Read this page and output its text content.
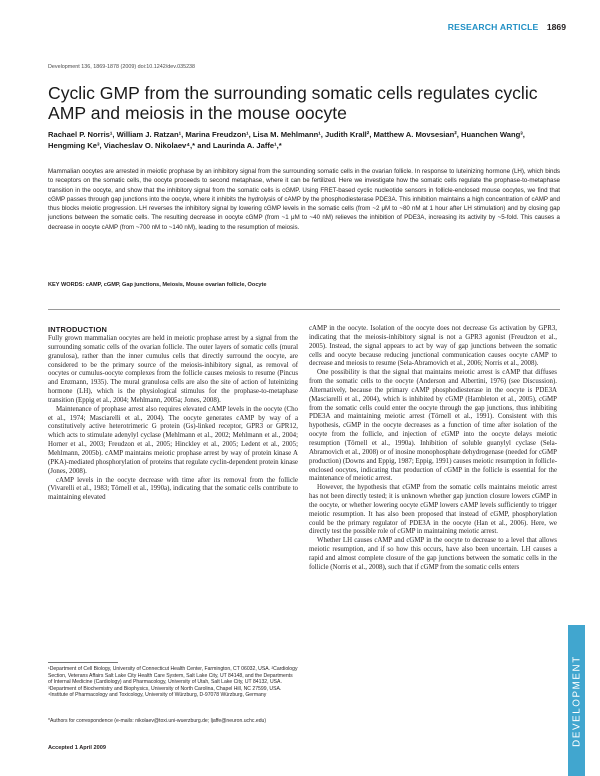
RESEARCH ARTICLE 1869
Development 136, 1869-1878 (2009) doi:10.1242/dev.035238
Cyclic GMP from the surrounding somatic cells regulates cyclic AMP and meiosis in the mouse oocyte
Rachael P. Norris¹, William J. Ratzan¹, Marina Freudzon¹, Lisa M. Mehlmann¹, Judith Krall², Matthew A. Movsesian², Huanchen Wang³, Hengming Ke³, Viacheslav O. Nikolaev⁴,* and Laurinda A. Jaffe¹,*
Mammalian oocytes are arrested in meiotic prophase by an inhibitory signal from the surrounding somatic cells in the ovarian follicle. In response to luteinizing hormone (LH), which binds to receptors on the somatic cells, the oocyte proceeds to second metaphase, where it can be fertilized. Here we investigate how the somatic cells regulate the prophase-to-metaphase transition in the oocyte, and show that the inhibitory signal from the somatic cells is cGMP. Using FRET-based cyclic nucleotide sensors in follicle-enclosed mouse oocytes, we find that cGMP passes through gap junctions into the oocyte, where it inhibits the hydrolysis of cAMP by the phosphodiesterase PDE3A. This inhibition maintains a high concentration of cAMP and thus blocks meiotic progression. LH reverses the inhibitory signal by lowering cGMP levels in the somatic cells (from ~2 μM to ~80 nM at 1 hour after LH stimulation) and by closing gap junctions between the somatic cells. The resulting decrease in oocyte cGMP (from ~1 μM to ~40 nM) relieves the inhibition of PDE3A, increasing its activity by ~5-fold. This causes a decrease in oocyte cAMP (from ~700 nM to ~140 nM), leading to the resumption of meiosis.
KEY WORDS: cAMP, cGMP, Gap junctions, Meiosis, Mouse ovarian follicle, Oocyte
INTRODUCTION

Fully grown mammalian oocytes are held in meiotic prophase arrest by a signal from the surrounding somatic cells of the ovarian follicle. The outer layers of somatic cells (mural granulosa), rather than the inner cumulus cells that directly surround the oocyte, are considered to be the primary source of the meiosis-inhibitory signal, as removal of oocytes or cumulus-oocyte complexes from the follicle causes meiosis to resume (Pincus and Enzmann, 1935). The mural granulosa cells are also the site of action of luteinizing hormone (LH), which is the physiological stimulus for the prophase-to-metaphase transition (Eppig et al., 2004; Mehlmann, 2005a; Jones, 2008).

Maintenance of prophase arrest also requires elevated cAMP levels in the oocyte (Cho et al., 1974; Masciarelli et al., 2004). The oocyte generates cAMP by way of a constitutively active heterotrimeric G protein (Gs)-linked receptor, GPR3 or GPR12, which acts to stimulate adenylyl cyclase (Mehlmann et al., 2002; Mehlmann et al., 2004; Horner et al., 2003; Freudzon et al., 2005; Hinckley et al., 2005; Ledent et al., 2005; Mehlmann, 2005b). cAMP maintains meiotic prophase arrest by way of protein kinase A (PKA)-mediated phosphorylation of proteins that regulate cyclin-dependent protein kinase (Jones, 2008).

cAMP levels in the oocyte decrease with time after its removal from the follicle (Vivarelli et al., 1983; Törnell et al., 1990a), indicating that the somatic cells contribute to maintaining elevated

cAMP in the oocyte. Isolation of the oocyte does not decrease Gs activation by GPR3, indicating that the meiosis-inhibitory signal is not a GPR3 agonist (Freudzon et al., 2005). Instead, the signal appears to act by way of gap junctions between the somatic cells and oocyte because reducing junctional communication causes oocyte cAMP to decrease and meiosis to resume (Sela-Abramovich et al., 2006; Norris et al., 2008).

One possibility is that the signal that maintains meiotic arrest is cAMP that diffuses from the somatic cells to the oocyte (Anderson and Albertini, 1976) (see Discussion). Alternatively, because the primary cAMP phosphodiesterase in the oocyte is PDE3A (Masciarelli et al., 2004), which is inhibited by cGMP (Hambleton et al., 2005), cGMP from the somatic cells could enter the oocyte through the gap junctions, thus inhibiting PDE3A and maintaining meiotic arrest (Törnell et al., 1991). Consistent with this hypothesis, cGMP in the oocyte decreases as a function of time after isolation of the oocyte from the follicle, and injection of cGMP into the oocyte delays meiotic resumption (Törnell et al., 1990a). Inhibition of soluble guanylyl cyclase (Sela-Abramovich et al., 2008) or of inosine monophosphate dehydrogenase (needed for cGMP production) (Downs and Eppig, 1987; Eppig, 1991) causes meiotic resumption in follicle-enclosed oocytes, indicating that production of cGMP in the follicle is essential for the maintenance of meiotic arrest.

However, the hypothesis that cGMP from the somatic cells maintains meiotic arrest has not been directly tested; it is unknown whether gap junction closure lowers cGMP in the oocyte, or whether lowering oocyte cGMP lowers cAMP levels sufficiently to trigger meiotic resumption. It has also been proposed that instead of cGMP, phosphorylation could be the primary regulator of PDE3A in the oocyte (Han et al., 2006). Here, we directly test the possible role of cGMP in maintaining meiotic arrest.

Whether LH causes cAMP and cGMP in the oocyte to decrease to a level that allows meiotic resumption, and if so how this occurs, have also been uncertain. LH causes a rapid and almost complete closure of the gap junctions between the somatic cells in the follicle (Norris et al., 2008), such that if cGMP from the somatic cells enters

¹Department of Cell Biology, University of Connecticut Health Center, Farmington, CT 06032, USA. ²Cardiology Section, Veterans Affairs Salt Lake City Health Care System, Salt Lake City, UT 84148, and the Departments of Internal Medicine (Cardiology) and Pharmacology, University of Utah, Salt Lake City, UT 84132, USA. ³Department of Biochemistry and Biophysics, University of North Carolina, Chapel Hill, NC 27599, USA. ⁴Institute of Pharmacology and Toxicology, University of Würzburg, D-97078 Würzburg, Germany

*Authors for correspondence (e-mails: nikolaev@toxi.uni-wuerzburg.de; ljaffe@neuron.uchc.edu)
Accepted 1 April 2009
DEVELOPMENT
